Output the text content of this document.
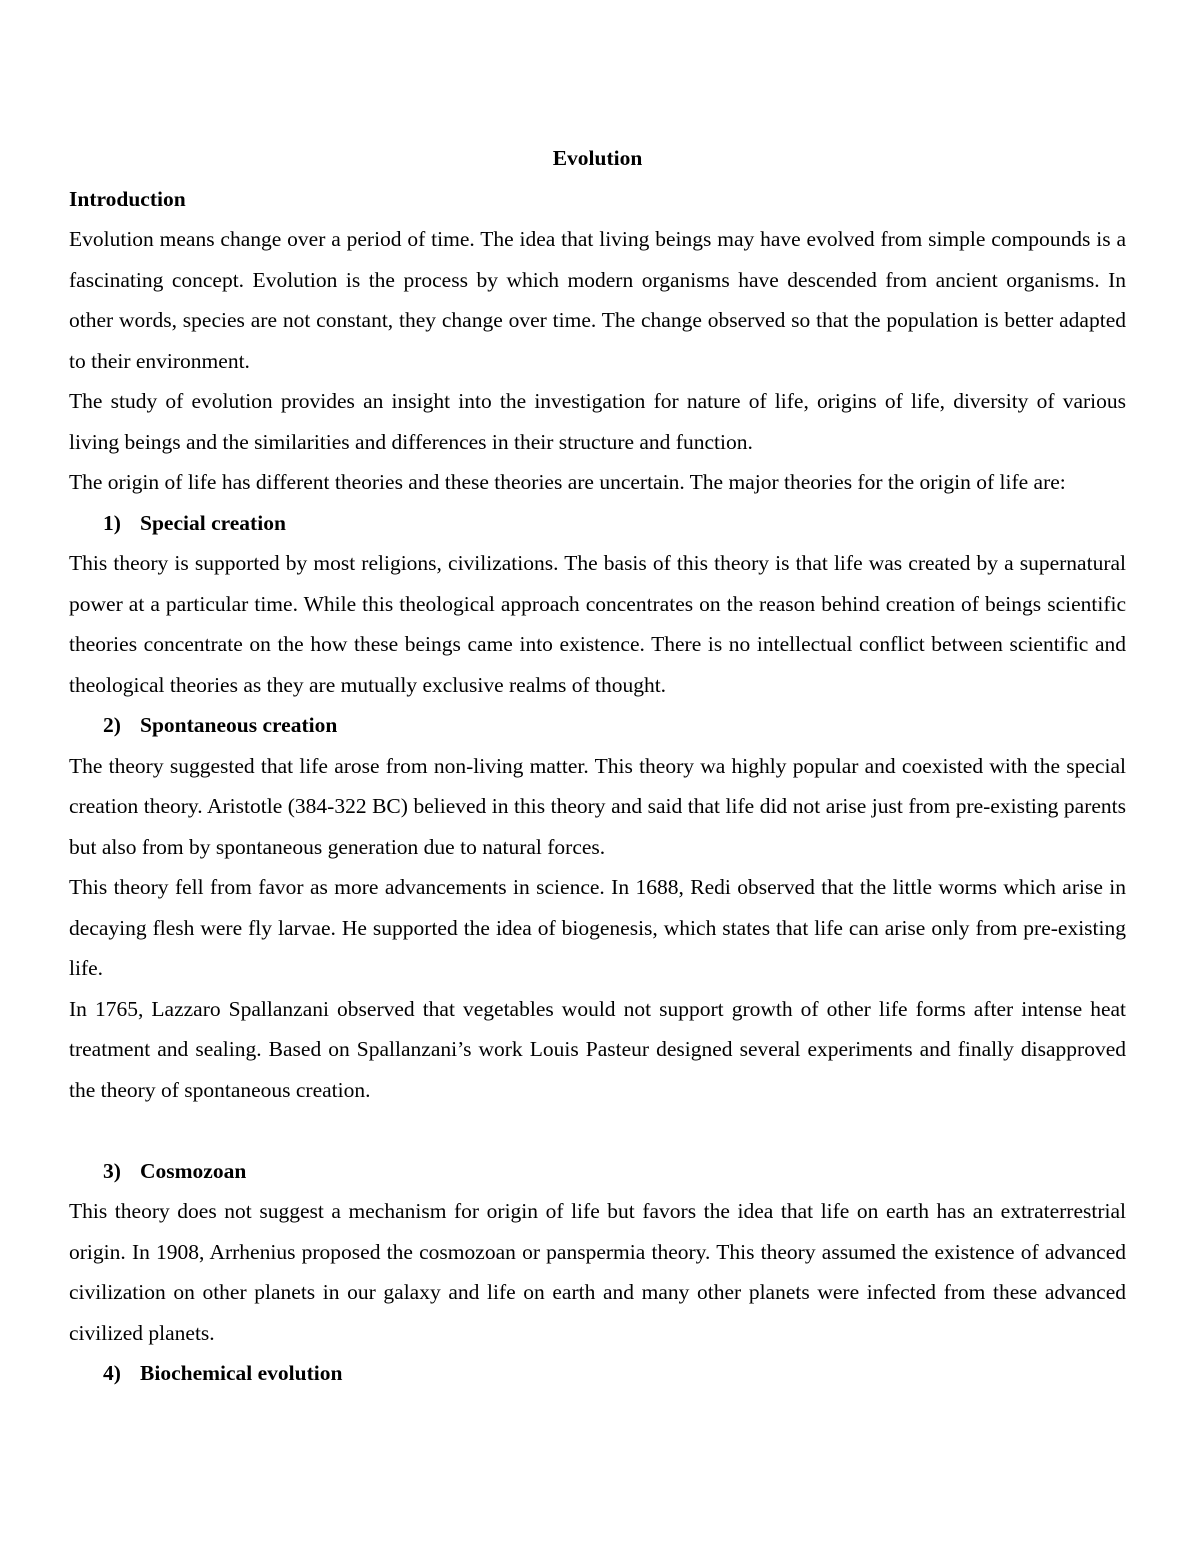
Evolution

Introduction

Evolution means change over a period of time. The idea that living beings may have evolved from simple compounds is a fascinating concept. Evolution is the process by which modern organisms have descended from ancient organisms. In other words, species are not constant, they change over time. The change observed so that the population is better adapted to their environment.

The study of evolution provides an insight into the investigation for nature of life, origins of life, diversity of various living beings and the similarities and differences in their structure and function.

The origin of life has different theories and these theories are uncertain. The major theories for the origin of life are:

1) Special creation

This theory is supported by most religions, civilizations. The basis of this theory is that life was created by a supernatural power at a particular time. While this theological approach concentrates on the reason behind creation of beings scientific theories concentrate on the how these beings came into existence. There is no intellectual conflict between scientific and theological theories as they are mutually exclusive realms of thought.

2) Spontaneous creation

The theory suggested that life arose from non-living matter. This theory wa highly popular and coexisted with the special creation theory. Aristotle (384-322 BC) believed in this theory and said that life did not arise just from pre-existing parents but also from by spontaneous generation due to natural forces.

This theory fell from favor as more advancements in science. In 1688, Redi observed that the little worms which arise in decaying flesh were fly larvae. He supported the idea of biogenesis, which states that life can arise only from pre-existing life.

In 1765, Lazzaro Spallanzani observed that vegetables would not support growth of other life forms after intense heat treatment and sealing. Based on Spallanzani’s work Louis Pasteur designed several experiments and finally disapproved the theory of spontaneous creation.

3) Cosmozoan

This theory does not suggest a mechanism for origin of life but favors the idea that life on earth has an extraterrestrial origin. In 1908, Arrhenius proposed the cosmozoan or panspermia theory. This theory assumed the existence of advanced civilization on other planets in our galaxy and life on earth and many other planets were infected from these advanced civilized planets.

4) Biochemical evolution
